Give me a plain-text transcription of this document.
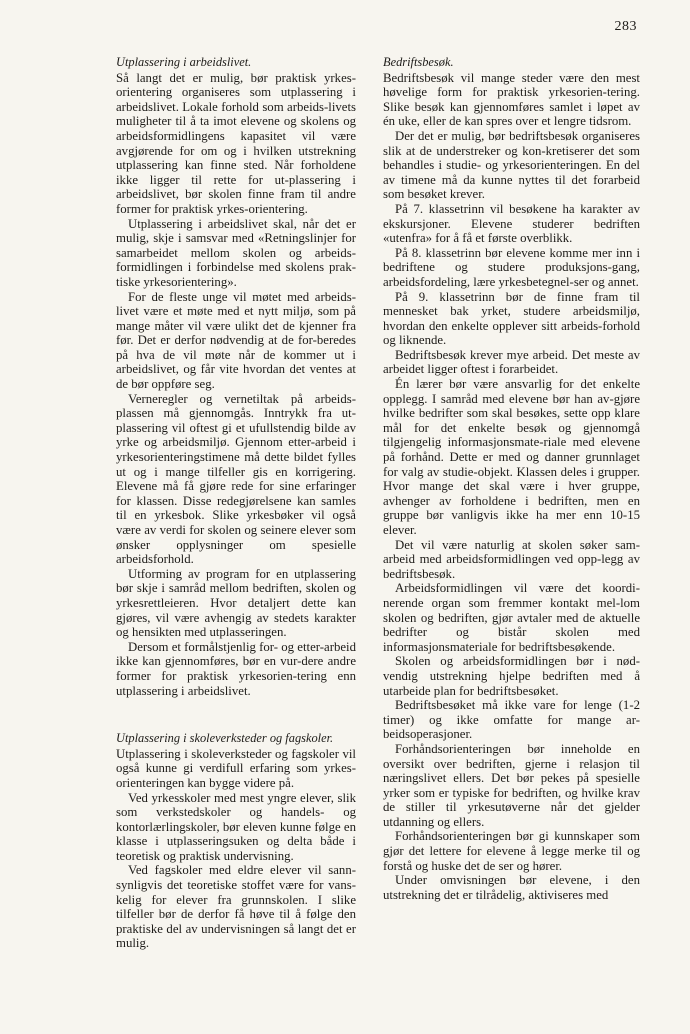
283
Utplassering i arbeidslivet.

Så langt det er mulig, bør praktisk yrkes-orientering organiseres som utplassering i arbeidslivet. Lokale forhold som arbeids-livets muligheter til å ta imot elevene og skolens og arbeidsformidlingens kapasitet vil være avgjørende for om og i hvilken utstrekning utplassering kan finne sted. Når forholdene ikke ligger til rette for ut-plassering i arbeidslivet, bør skolen finne fram til andre former for praktisk yrkes-orientering.

Utplassering i arbeidslivet skal, når det er mulig, skje i samsvar med «Retningslinjer for samarbeidet mellom skolen og arbeids-formidlingen i forbindelse med skolens prak-tiske yrkesorientering».

For de fleste unge vil møtet med arbeids-livet være et møte med et nytt miljø, som på mange måter vil være ulikt det de kjenner fra før. Det er derfor nødvendig at de for-beredes på hva de vil møte når de kommer ut i arbeidslivet, og får vite hvordan det ventes at de bør oppføre seg.

Verneregler og vernetiltak på arbeids-plassen må gjennomgås. Inntrykk fra ut-plassering vil oftest gi et ufullstendig bilde av yrke og arbeidsmiljø. Gjennom etter-arbeid i yrkesorienteringstimene må dette bildet fylles ut og i mange tilfeller gis en korrigering. Elevene må få gjøre rede for sine erfaringer for klassen. Disse redegjørelsene kan samles til en yrkesbok. Slike yrkesbøker vil også være av verdi for skolen og seinere elever som ønsker opplysninger om spesielle arbeidsforhold.

Utforming av program for en utplassering bør skje i samråd mellom bedriften, skolen og yrkesrettleieren. Hvor detaljert dette kan gjøres, vil være avhengig av stedets karakter og hensikten med utplasseringen.

Dersom et formålstjenlig for- og etter-arbeid ikke kan gjennomføres, bør en vur-dere andre former for praktisk yrkesorien-tering enn utplassering i arbeidslivet.

Utplassering i skoleverksteder og fagskoler.

Utplassering i skoleverksteder og fagskoler vil også kunne gi verdifull erfaring som yrkes-orienteringen kan bygge videre på.

Ved yrkesskoler med mest yngre elever, slik som verkstedskoler og handels- og kontorlærlingskoler, bør eleven kunne følge en klasse i utplasseringsuken og delta både i teoretisk og praktisk undervisning.

Ved fagskoler med eldre elever vil sann-synligvis det teoretiske stoffet være for vans-kelig for elever fra grunnskolen. I slike tilfeller bør de derfor få høve til å følge den praktiske del av undervisningen så langt det er mulig.

Bedriftsbesøk.

Bedriftsbesøk vil mange steder være den mest høvelige form for praktisk yrkesorien-tering. Slike besøk kan gjennomføres samlet i løpet av én uke, eller de kan spres over et lengre tidsrom.

Der det er mulig, bør bedriftsbesøk organiseres slik at de understreker og kon-kretiserer det som behandles i studie- og yrkesorienteringen. En del av timene må da kunne nyttes til det forarbeid som besøket krever.

På 7. klassetrinn vil besøkene ha karakter av ekskursjoner. Elevene studerer bedriften «utenfra» for å få et første overblikk.

På 8. klassetrinn bør elevene komme mer inn i bedriftene og studere produksjons-gang, arbeidsfordeling, lære yrkesbetegnel-ser og annet.

På 9. klassetrinn bør de finne fram til mennesket bak yrket, studere arbeidsmiljø, hvordan den enkelte opplever sitt arbeids-forhold og liknende.

Bedriftsbesøk krever mye arbeid. Det meste av arbeidet ligger oftest i forarbeidet.

Én lærer bør være ansvarlig for det enkelte opplegg. I samråd med elevene bør han av-gjøre hvilke bedrifter som skal besøkes, sette opp klare mål for det enkelte besøk og gjennomgå tilgjengelig informasjonsmate-riale med elevene på forhånd. Dette er med og danner grunnlaget for valg av studie-objekt. Klassen deles i grupper. Hvor mange det skal være i hver gruppe, avhenger av forholdene i bedriften, men en gruppe bør vanligvis ikke ha mer enn 10-15 elever.

Det vil være naturlig at skolen søker sam-arbeid med arbeidsformidlingen ved opp-legg av bedriftsbesøk.

Arbeidsformidlingen vil være det koordi-nerende organ som fremmer kontakt mel-lom skolen og bedriften, gjør avtaler med de aktuelle bedrifter og bistår skolen med informasjonsmateriale for bedriftsbesøkende.

Skolen og arbeidsformidlingen bør i nød-vendig utstrekning hjelpe bedriften med å utarbeide plan for bedriftsbesøket.

Bedriftsbesøket må ikke vare for lenge (1-2 timer) og ikke omfatte for mange ar-beidsoperasjoner.

Forhåndsorienteringen bør inneholde en oversikt over bedriften, gjerne i relasjon til næringslivet ellers. Det bør pekes på spesielle yrker som er typiske for bedriften, og hvilke krav de stiller til yrkesutøverne når det gjelder utdanning og ellers.

Forhåndsorienteringen bør gi kunnskaper som gjør det lettere for elevene å legge merke til og forstå og huske det de ser og hører.

Under omvisningen bør elevene, i den utstrekning det er tilrådelig, aktiviseres med
